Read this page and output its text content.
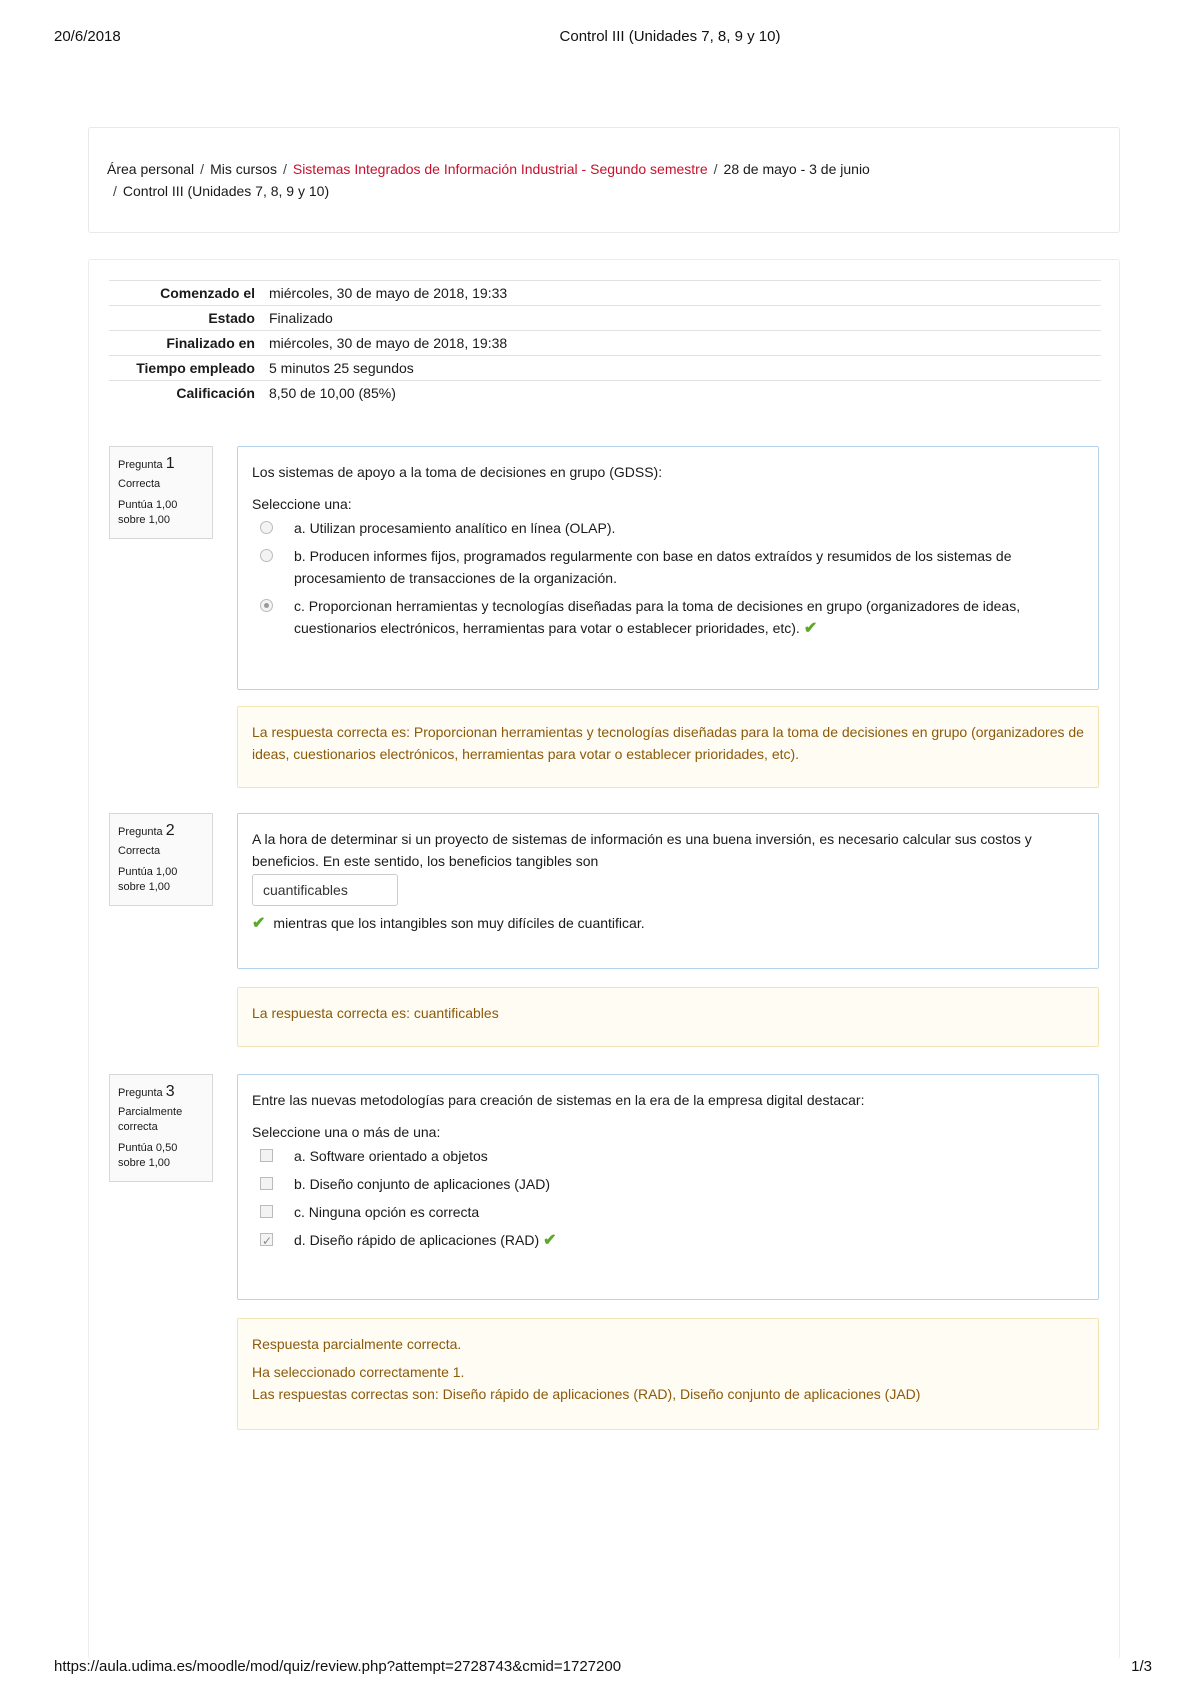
20/6/2018	Control III (Unidades 7, 8, 9 y 10)
Área personal / Mis cursos / Sistemas Integrados de Información Industrial - Segundo semestre / 28 de mayo - 3 de junio
/ Control III (Unidades 7, 8, 9 y 10)
Comenzado el	miércoles, 30 de mayo de 2018, 19:33
Estado	Finalizado
Finalizado en	miércoles, 30 de mayo de 2018, 19:38
Tiempo empleado	5 minutos 25 segundos
Calificación	8,50 de 10,00 (85%)
Pregunta 1
Correcta
Puntúa 1,00 sobre 1,00
Los sistemas de apoyo a la toma de decisiones en grupo (GDSS):
Seleccione una:
a. Utilizan procesamiento analítico en línea (OLAP).
b. Producen informes fijos, programados regularmente con base en datos extraídos y resumidos de los sistemas de procesamiento de transacciones de la organización.
c. Proporcionan herramientas y tecnologías diseñadas para la toma de decisiones en grupo (organizadores de ideas, cuestionarios electrónicos, herramientas para votar o establecer prioridades, etc). ✔
La respuesta correcta es: Proporcionan herramientas y tecnologías diseñadas para la toma de decisiones en grupo (organizadores de ideas, cuestionarios electrónicos, herramientas para votar o establecer prioridades, etc).
Pregunta 2
Correcta
Puntúa 1,00 sobre 1,00
A la hora de determinar si un proyecto de sistemas de información es una buena inversión, es necesario calcular sus costos y beneficios. En este sentido, los beneficios tangibles son
cuantificables
✔ mientras que los intangibles son muy difíciles de cuantificar.
La respuesta correcta es: cuantificables
Pregunta 3
Parcialmente correcta
Puntúa 0,50 sobre 1,00
Entre las nuevas metodologías para creación de sistemas en la era de la empresa digital destacar:
Seleccione una o más de una:
a. Software orientado a objetos
b. Diseño conjunto de aplicaciones (JAD)
c. Ninguna opción es correcta
✓
d. Diseño rápido de aplicaciones (RAD) ✔
Respuesta parcialmente correcta.
Ha seleccionado correctamente 1.
Las respuestas correctas son: Diseño rápido de aplicaciones (RAD), Diseño conjunto de aplicaciones (JAD)
https://aula.udima.es/moodle/mod/quiz/review.php?attempt=2728743&cmid=1727200	1/3
